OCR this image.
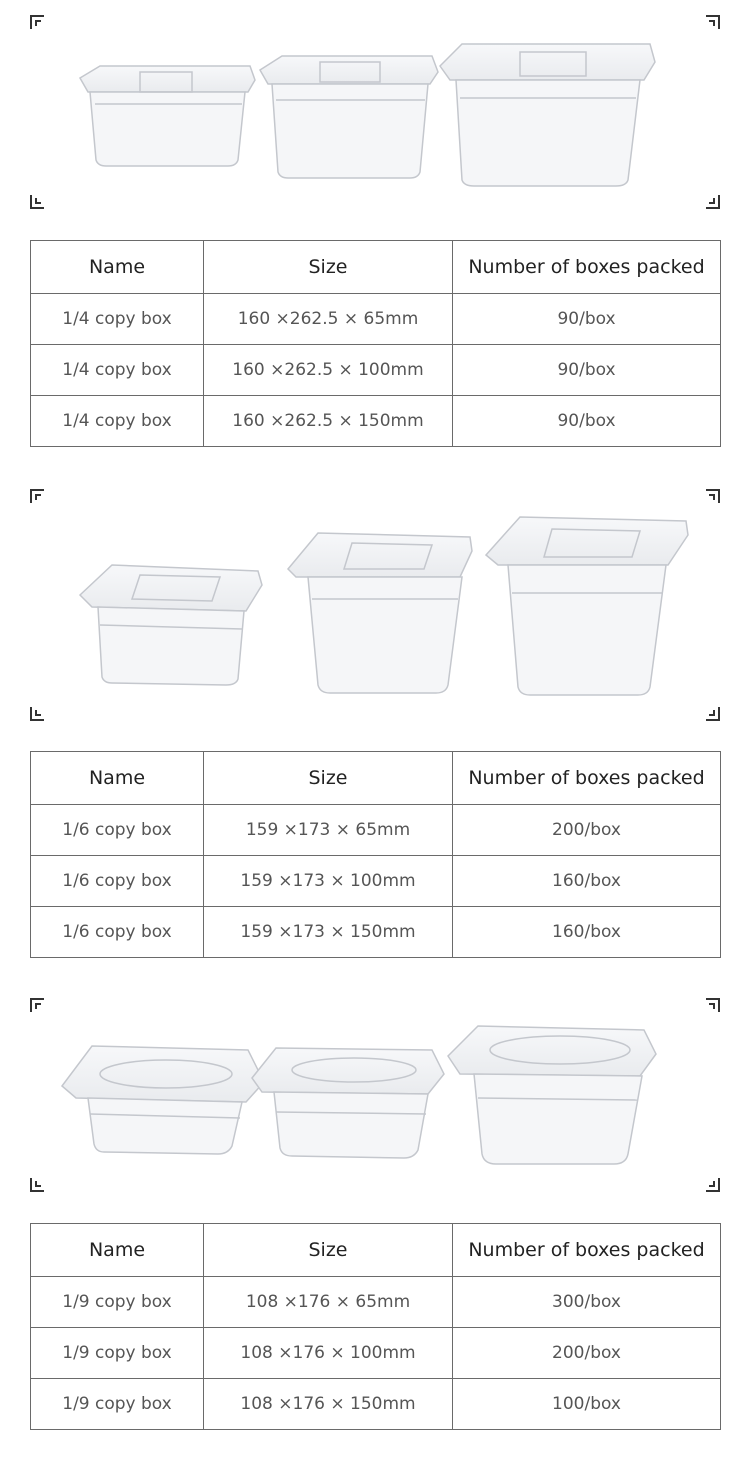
Name	Size	Number of boxes packed
1/4 copy box	160 ×262.5 × 65mm	90/box
1/4 copy box	160 ×262.5 × 100mm	90/box
1/4 copy box	160 ×262.5 × 150mm	90/box
Name	Size	Number of boxes packed
1/6 copy box	159 ×173 × 65mm	200/box
1/6 copy box	159 ×173 × 100mm	160/box
1/6 copy box	159 ×173 × 150mm	160/box
Name	Size	Number of boxes packed
1/9 copy box	108 ×176 × 65mm	300/box
1/9 copy box	108 ×176 × 100mm	200/box
1/9 copy box	108 ×176 × 150mm	100/box
